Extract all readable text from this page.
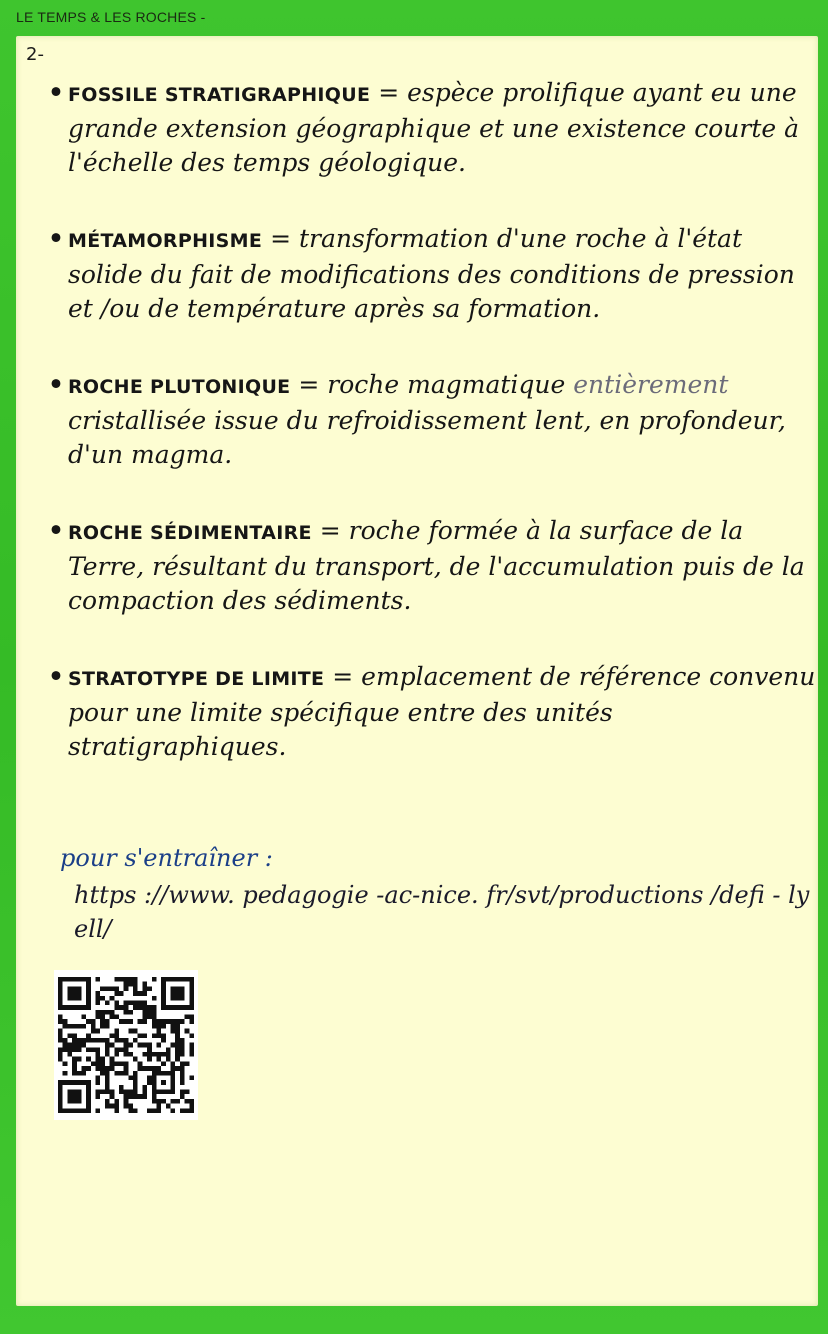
LE TEMPS & LES ROCHES -
2-
• FOSSILE STRATIGRAPHIQUE = espèce prolifique ayant eu une grande extension géographique et une existence courte à l'échelle des temps géologique.
• MÉTAMORPHISME = transformation d'une roche à l'état solide du fait de modifications des conditions de pression et /ou de température après sa formation.
• ROCHE PLUTONIQUE = roche magmatique entièrement cristallisée issue du refroidissement lent, en profondeur, d'un magma.
• ROCHE SÉDIMENTAIRE = roche formée à la surface de la Terre, résultant du transport, de l'accumulation puis de la compaction des sédiments.
• STRATOTYPE DE LIMITE = emplacement de référence convenu pour une limite spécifique entre des unités stratigraphiques.
pour s'entraîner :
https ://www. pedagogie -ac-nice. fr/svt/productions /defi - lyell/
